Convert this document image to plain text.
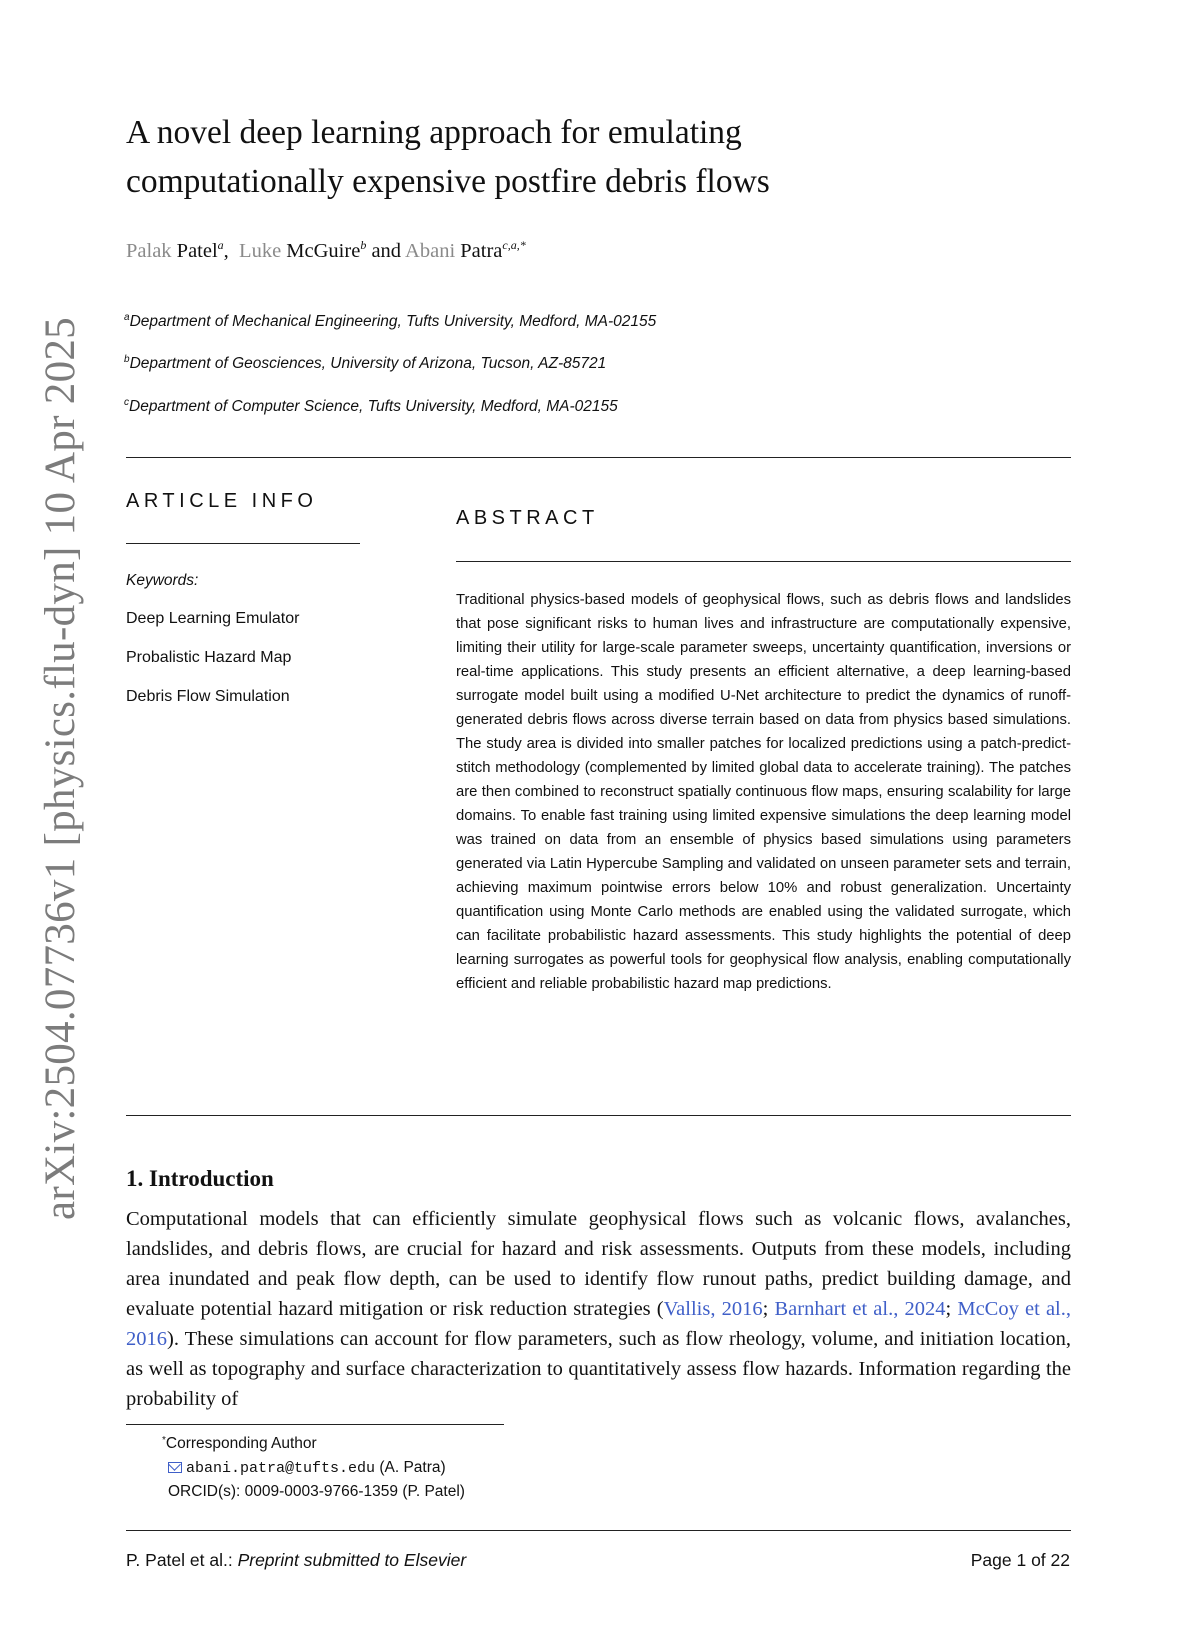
arXiv:2504.07736v1 [physics.flu-dyn] 10 Apr 2025
A novel deep learning approach for emulating
computationally expensive postfire debris flows
Palak Patel$^a$, Luke McGuire$^b$ and Abani Patra$^{c,a,*}$
$^a$Department of Mechanical Engineering, Tufts University, Medford, MA-02155
$^b$Department of Geosciences, University of Arizona, Tucson, AZ-85721
$^c$Department of Computer Science, Tufts University, Medford, MA-02155
ARTICLE INFO
Keywords:
Deep Learning Emulator
Probalistic Hazard Map
Debris Flow Simulation
ABSTRACT

Traditional physics-based models of geophysical flows, such as debris flows and landslides that pose significant risks to human lives and infrastructure are computationally expensive, limiting their utility for large-scale parameter sweeps, uncertainty quantification, inversions or real-time applications. This study presents an efficient alternative, a deep learning-based surrogate model built using a modified U-Net architecture to predict the dynamics of runoff-generated debris flows across diverse terrain based on data from physics based simulations. The study area is divided into smaller patches for localized predictions using a patch-predict-stitch methodology (complemented by limited global data to accelerate training). The patches are then combined to reconstruct spatially continuous flow maps, ensuring scalability for large domains. To enable fast training using limited expensive simulations the deep learning model was trained on data from an ensemble of physics based simulations using parameters generated via Latin Hypercube Sampling and validated on unseen parameter sets and terrain, achieving maximum pointwise errors below 10% and robust generalization. Uncertainty quantification using Monte Carlo methods are enabled using the validated surrogate, which can facilitate probabilistic hazard assessments. This study highlights the potential of deep learning surrogates as powerful tools for geophysical flow analysis, enabling computationally efficient and reliable probabilistic hazard map predictions.

1. Introduction

Computational models that can efficiently simulate geophysical flows such as volcanic flows, avalanches, landslides, and debris flows, are crucial for hazard and risk assessments. Outputs from these models, including area inundated and peak flow depth, can be used to identify flow runout paths, predict building damage, and evaluate potential hazard mitigation or risk reduction strategies (Vallis, 2016; Barnhart et al., 2024; McCoy et al., 2016). These simulations can account for flow parameters, such as flow rheology, volume, and initiation location, as well as topography and surface characterization to quantitatively assess flow hazards. Information regarding the probability of

*Corresponding Author
abani.patra@tufts.edu (A. Patra)
ORCID(s): 0009-0003-9766-1359 (P. Patel)
P. Patel et al.: Preprint submitted to Elsevier	Page 1 of 22
